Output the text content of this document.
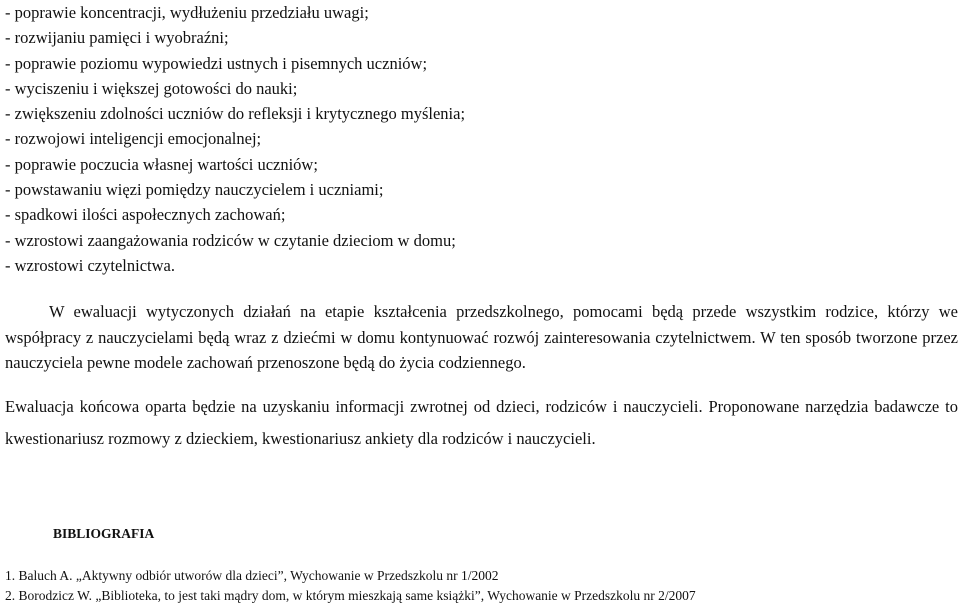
- poprawie koncentracji, wydłużeniu przedziału uwagi;
- rozwijaniu pamięci i wyobraźni;
- poprawie poziomu wypowiedzi ustnych i pisemnych uczniów;
- wyciszeniu i większej gotowości do nauki;
- zwiększeniu zdolności uczniów do refleksji i krytycznego myślenia;
- rozwojowi inteligencji emocjonalnej;
- poprawie poczucia własnej wartości uczniów;
- powstawaniu więzi pomiędzy nauczycielem i uczniami;
- spadkowi ilości aspołecznych zachowań;
- wzrostowi zaangażowania rodziców w czytanie dzieciom w domu;
- wzrostowi czytelnictwa.

W ewaluacji wytyczonych działań na etapie kształcenia przedszkolnego, pomocami będą przede wszystkim rodzice, którzy we współpracy z nauczycielami będą wraz z dziećmi w domu kontynuować rozwój zainteresowania czytelnictwem. W ten sposób tworzone przez nauczyciela pewne modele zachowań przenoszone będą do życia codziennego.

Ewaluacja końcowa oparta będzie na uzyskaniu informacji zwrotnej od dzieci, rodziców i nauczycieli. Proponowane narzędzia badawcze to kwestionariusz rozmowy z dzieckiem, kwestionariusz ankiety dla rodziców i nauczycieli.

BIBLIOGRAFIA
1. Baluch A. „Aktywny odbiór utworów dla dzieci”, Wychowanie w Przedszkolu nr 1/2002
2. Borodzicz W. „Biblioteka, to jest taki mądry dom, w którym mieszkają same książki”, Wychowanie w Przedszkolu nr 2/2007
